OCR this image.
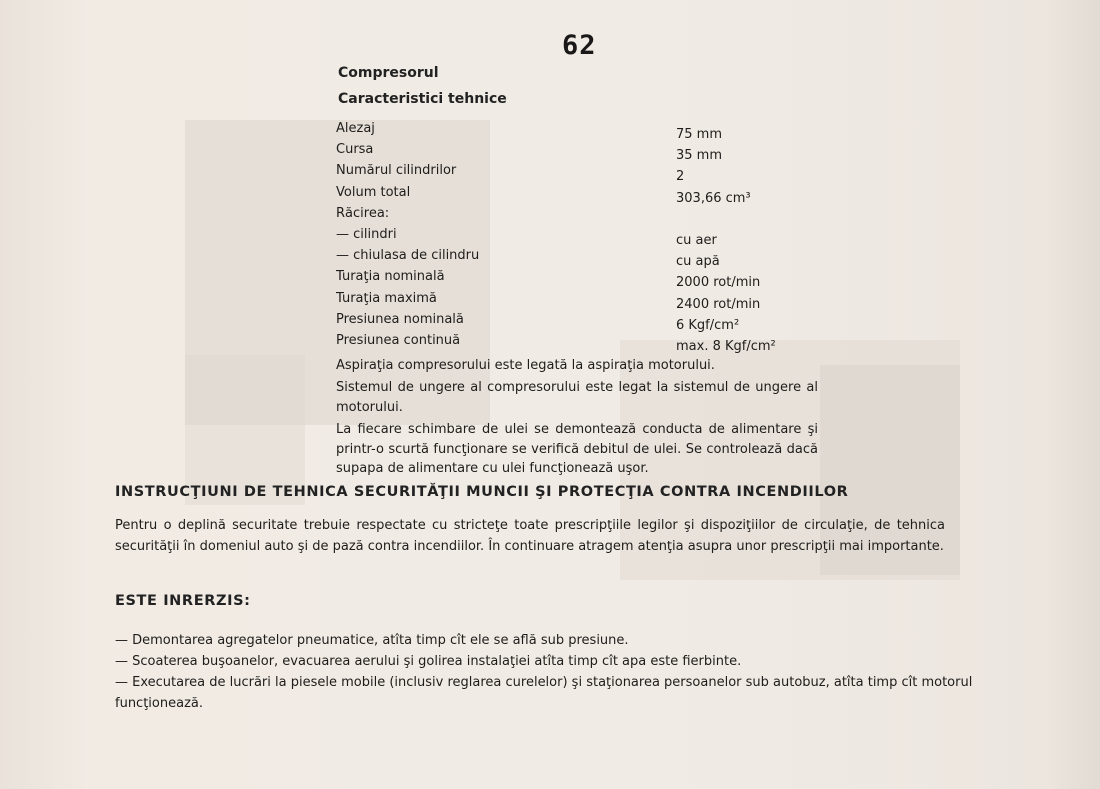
62
Compresorul
Caracteristici tehnice
Alezaj	75 mm
Cursa	35 mm
Numărul cilindrilor	2
Volum total	303,66 cm³
Răcirea:
— cilindri	cu aer
— chiulasa de cilindru	cu apă
Turaţia nominală	2000 rot/min
Turaţia maximă	2400 rot/min
Presiunea nominală	6 Kgf/cm²
Presiunea continuă	max. 8 Kgf/cm²
Aspiraţia compresorului este legată la aspiraţia motorului.
Sistemul de ungere al compresorului este legat la sistemul de ungere al motorului.
La fiecare schimbare de ulei se demontează conducta de alimentare şi printr-o scurtă funcţionare se verifică debitul de ulei. Se controlează dacă supapa de alimentare cu ulei funcţionează uşor.
INSTRUCŢIUNI DE TEHNICA SECURITĂŢII MUNCII ŞI PROTECŢIA CONTRA INCENDIILOR
Pentru o deplină securitate trebuie respectate cu stricteţe toate prescripţiile legilor şi dispoziţiilor de circulaţie, de tehnica securităţii în domeniul auto şi de pază contra incendiilor. În continuare atragem atenţia asupra unor prescripţii mai importante.
ESTE INRERZIS:

— Demontarea agregatelor pneumatice, atîta timp cît ele se află sub presiune.

— Scoaterea buşoanelor, evacuarea aerului şi golirea instalaţiei atîta timp cît apa este fierbinte.

— Executarea de lucrări la piesele mobile (inclusiv reglarea curelelor) şi staţionarea persoanelor sub autobuz, atîta timp cît motorul funcţionează.
